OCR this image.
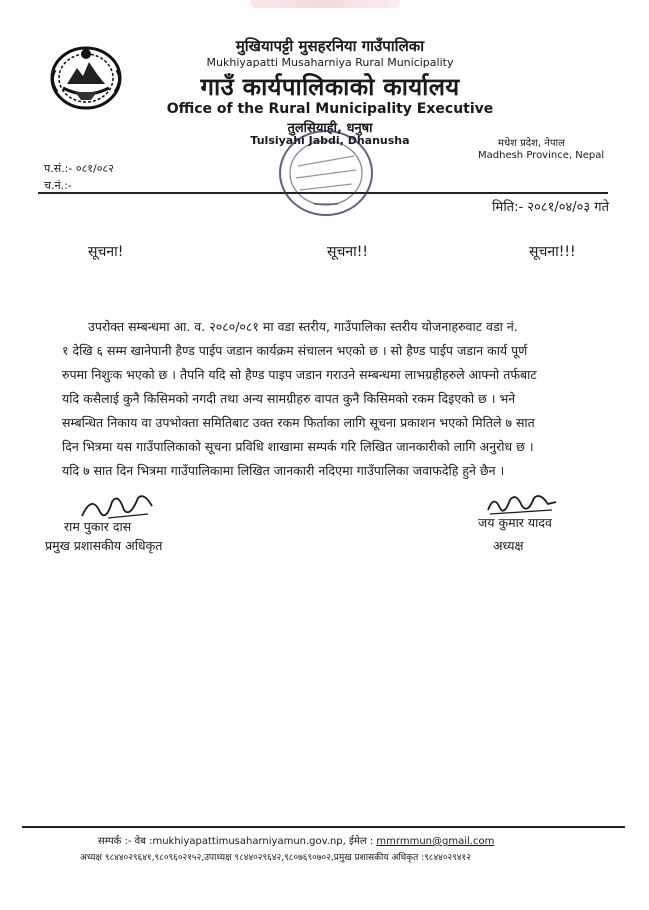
मुखियापट्टी मुसहरनिया गाउँपालिका
Mukhiyapatti Musaharniya Rural Municipality
गाउँ कार्यपालिकाको कार्यालय
Office of the Rural Municipality Executive
तुलसियाही, धनुषा
Tulsiyahi Jabdi, Dhanusha	मधेश प्रदेश, नेपाल
Madhesh Province, Nepal
प.सं.:- ०८१/०८२
च.नं.:-
मिति:- २०८१/०४/०३ गते
सूचना!	सूचना!!	सूचना!!!
उपरोक्त सम्बन्धमा आ. व. २०८०/०८१ मा वडा स्तरीय, गाउँपालिका स्तरीय योजनाहरुवाट वडा नं.
१ देखि ६ सम्म खानेपानी हैण्ड पाईप जडान कार्यक्रम संचालन भएको छ । सो हैण्ड पाईप जडान कार्य पूर्ण
रुपमा निशुःक भएको छ । तैपनि यदि सो हैण्ड पाइप जडान गराउने सम्बन्धमा लाभग्रहीहरुले आफ्नो तर्फबाट
यदि कसैलाई कुनै किसिमको नगदी तथा अन्य सामग्रीहरु वापत कुनै किसिमको रकम दिइएको छ । भने
सम्बन्धित निकाय वा उपभोक्ता समितिबाट उक्त रकम फिर्ताका लागि सूचना प्रकाशन भएको मितिले ७ सात
दिन भित्रमा यस गाउँपालिकाको सूचना प्रविधि शाखामा सम्पर्क गरि लिखित जानकारीको लागि अनुरोध छ ।
यदि ७ सात दिन भित्रमा गाउँपालिकामा लिखित जानकारी नदिएमा गाउँपालिका जवाफदेहि हुने छैन ।
राम पुकार दास
प्रमुख प्रशासकीय अधिकृत
जय कुमार यादव
अध्यक्ष
सम्पर्क :- वेब :mukhiyapattimusaharniyamun.gov.np, ईमेल : mmrmmun@gmail.com
अध्यक्ष ९८४४०२९६४१,९८०९६०२१५२,उपाध्यक्ष ९८४४०२९६४२,९८०७६९०७०२,प्रमुख प्रशासकीय अधिकृत :९८४४०२९४१२
